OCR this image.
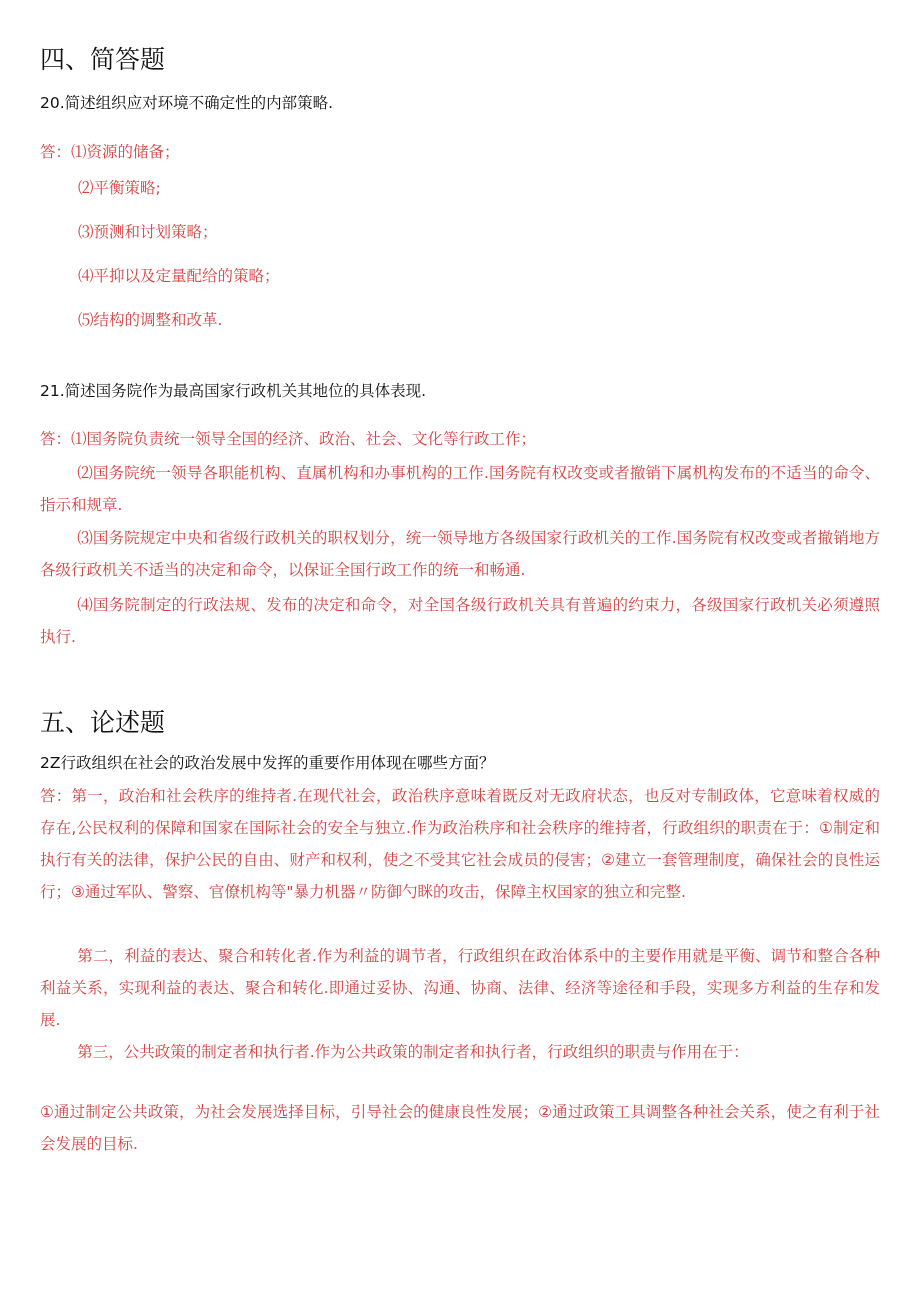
四、简答题
20.简述组织应对环境不确定性的内部策略.
答：⑴资源的储备；
⑵平衡策略;
⑶预测和讨划策略；
⑷平抑以及定量配给的策略；
⑸结构的调整和改革.
21.简述国务院作为最高国家行政机关其地位的具体表现.
答：⑴国务院负责统一领导全国的经济、政治、社会、文化等行政工作；
⑵国务院统一领导各职能机构、直属机构和办事机构的工作.国务院有权改变或者撤销下属机构发布的不适当的命令、指示和规章.
⑶国务院规定中央和省级行政机关的职权划分，统一领导地方各级国家行政机关的工作.国务院有权改变或者撤销地方各级行政机关不适当的决定和命令，以保证全国行政工作的统一和畅通.
⑷国务院制定的行政法规、发布的决定和命令，对全国各级行政机关具有普遍的约束力，各级国家行政机关必须遵照执行.
五、论述题
2Z行政组织在社会的政治发展中发挥的重要作用体现在哪些方面？
答：第一，政治和社会秩序的维持者.在现代社会，政治秩序意味着既反对无政府状态，也反对专制政体，它意味着权威的存在,公民权利的保障和国家在国际社会的安全与独立.作为政治秩序和社会秩序的维持者，行政组织的职责在于：①制定和执行有关的法律，保护公民的自由、财产和权利，使之不受其它社会成员的侵害；②建立一套管理制度，确保社会的良性运行；③通过军队、警察、官僚机构等"暴力机器〃防御勺眯的攻击，保障主权国家的独立和完整.
第二，利益的表达、聚合和转化者.作为利益的调节者，行政组织在政治体系中的主要作用就是平衡、调节和整合各种利益关系，实现利益的表达、聚合和转化.即通过妥协、沟通、协商、法律、经济等途径和手段，实现多方利益的生存和发展.
第三，公共政策的制定者和执行者.作为公共政策的制定者和执行者，行政组织的职责与作用在于：
①通过制定公共政策，为社会发展选择目标，引导社会的健康良性发展；②通过政策工具调整各种社会关系，使之有利于社会发展的目标.
